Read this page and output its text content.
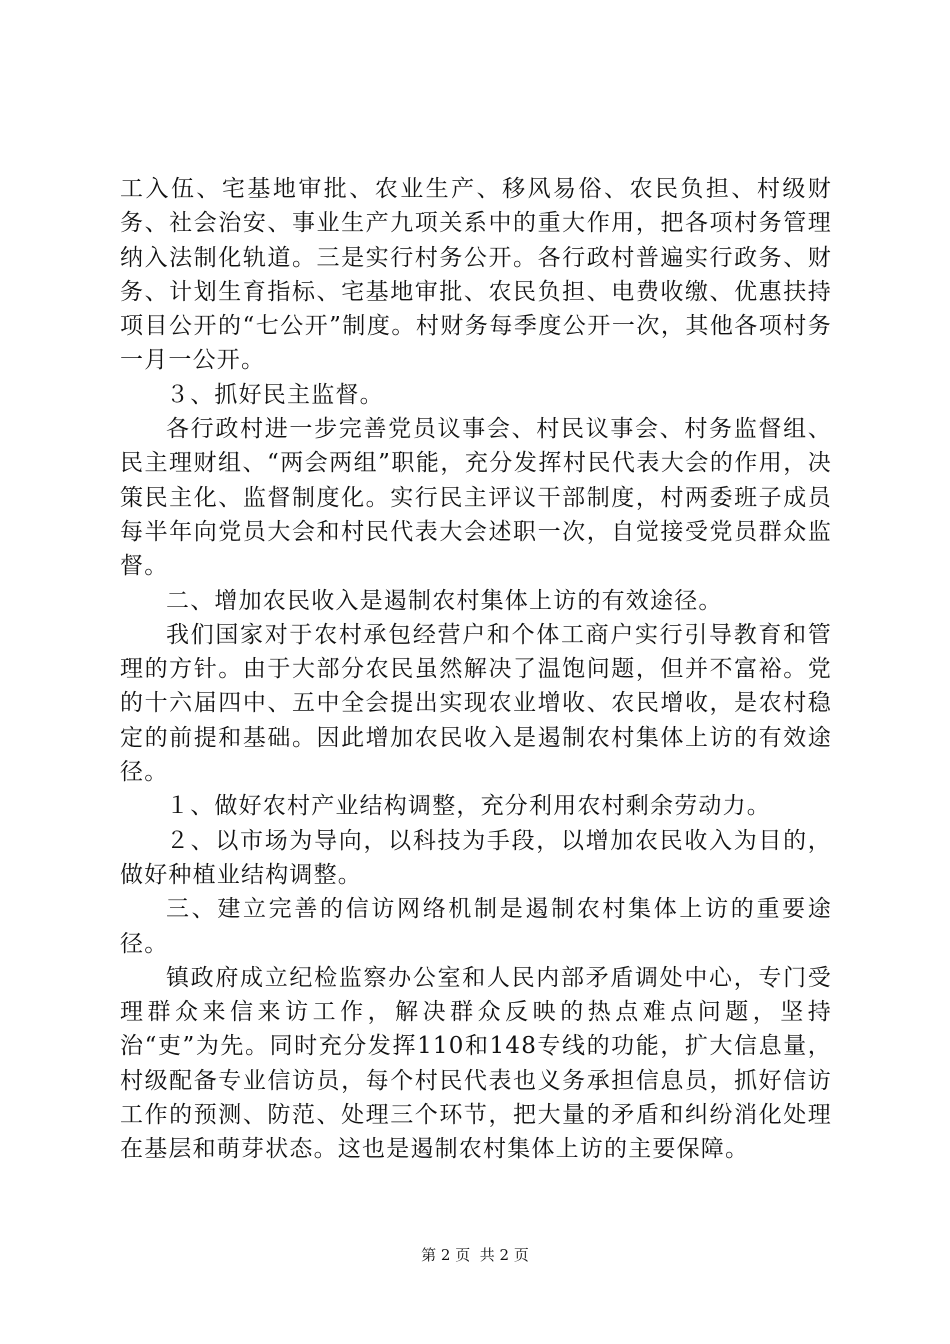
工入伍、宅基地审批、农业生产、移风易俗、农民负担、村级财务、社会治安、事业生产九项关系中的重大作用，把各项村务管理纳入法制化轨道。三是实行村务公开。各行政村普遍实行政务、财务、计划生育指标、宅基地审批、农民负担、电费收缴、优惠扶持项目公开的“七公开”制度。村财务每季度公开一次，其他各项村务一月一公开。

３、抓好民主监督。

各行政村进一步完善党员议事会、村民议事会、村务监督组、民主理财组、“两会两组”职能，充分发挥村民代表大会的作用，决策民主化、监督制度化。实行民主评议干部制度，村两委班子成员每半年向党员大会和村民代表大会述职一次，自觉接受党员群众监督。

二、增加农民收入是遏制农村集体上访的有效途径。

我们国家对于农村承包经营户和个体工商户实行引导教育和管理的方针。由于大部分农民虽然解决了温饱问题，但并不富裕。党的十六届四中、五中全会提出实现农业增收、农民增收，是农村稳定的前提和基础。因此增加农民收入是遏制农村集体上访的有效途径。

１、做好农村产业结构调整，充分利用农村剩余劳动力。

２、以市场为导向，以科技为手段，以增加农民收入为目的，做好种植业结构调整。

三、建立完善的信访网络机制是遏制农村集体上访的重要途径。

镇政府成立纪检监察办公室和人民内部矛盾调处中心，专门受理群众来信来访工作，解决群众反映的热点难点问题，坚持治“吏”为先。同时充分发挥110和148专线的功能，扩大信息量，村级配备专业信访员，每个村民代表也义务承担信息员，抓好信访工作的预测、防范、处理三个环节，把大量的矛盾和纠纷消化处理在基层和萌芽状态。这也是遏制农村集体上访的主要保障。

第 2 页  共 2 页
